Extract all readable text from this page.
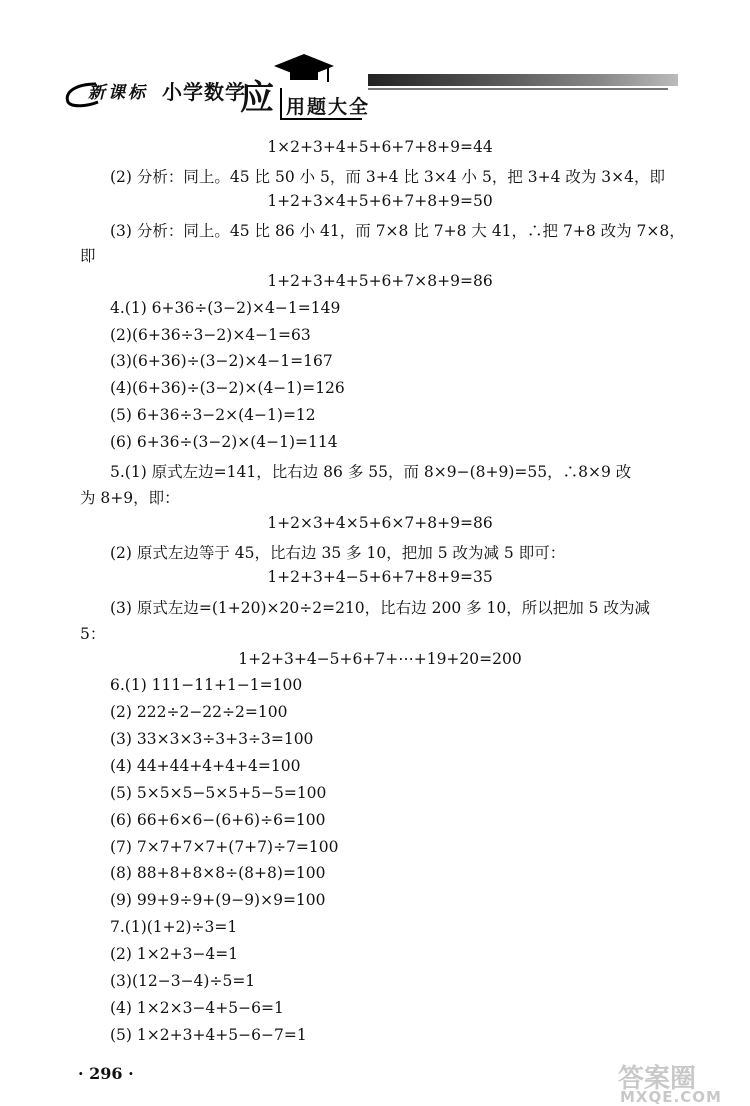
新课标 小学数学
应 用题大全
1×2+3+4+5+6+7+8+9=44
(2) 分析：同上。45 比 50 小 5，而 3+4 比 3×4 小 5，把 3+4 改为 3×4，即
1+2+3×4+5+6+7+8+9=50
(3) 分析：同上。45 比 86 小 41，而 7×8 比 7+8 大 41，∴把 7+8 改为 7×8，
即
1+2+3+4+5+6+7×8+9=86
4.(1) 6+36÷(3−2)×4−1=149
(2)(6+36÷3−2)×4−1=63
(3)(6+36)÷(3−2)×4−1=167
(4)(6+36)÷(3−2)×(4−1)=126
(5) 6+36÷3−2×(4−1)=12
(6) 6+36÷(3−2)×(4−1)=114
5.(1) 原式左边=141，比右边 86 多 55，而 8×9−(8+9)=55，∴8×9 改
为 8+9，即：
1+2×3+4×5+6×7+8+9=86
(2) 原式左边等于 45，比右边 35 多 10，把加 5 改为减 5 即可：
1+2+3+4−5+6+7+8+9=35
(3) 原式左边=(1+20)×20÷2=210，比右边 200 多 10，所以把加 5 改为减
5：
1+2+3+4−5+6+7+⋯+19+20=200
6.(1) 111−11+1−1=100
(2) 222÷2−22÷2=100
(3) 33×3×3÷3+3÷3=100
(4) 44+44+4+4+4=100
(5) 5×5×5−5×5+5−5=100
(6) 66+6×6−(6+6)÷6=100
(7) 7×7+7×7+(7+7)÷7=100
(8) 88+8+8×8÷(8+8)=100
(9) 99+9÷9+(9−9)×9=100
7.(1)(1+2)÷3=1
(2) 1×2+3−4=1
(3)(12−3−4)÷5=1
(4) 1×2×3−4+5−6=1
(5) 1×2+3+4+5−6−7=1
· 296 ·	答案圈
MXQE.COM
